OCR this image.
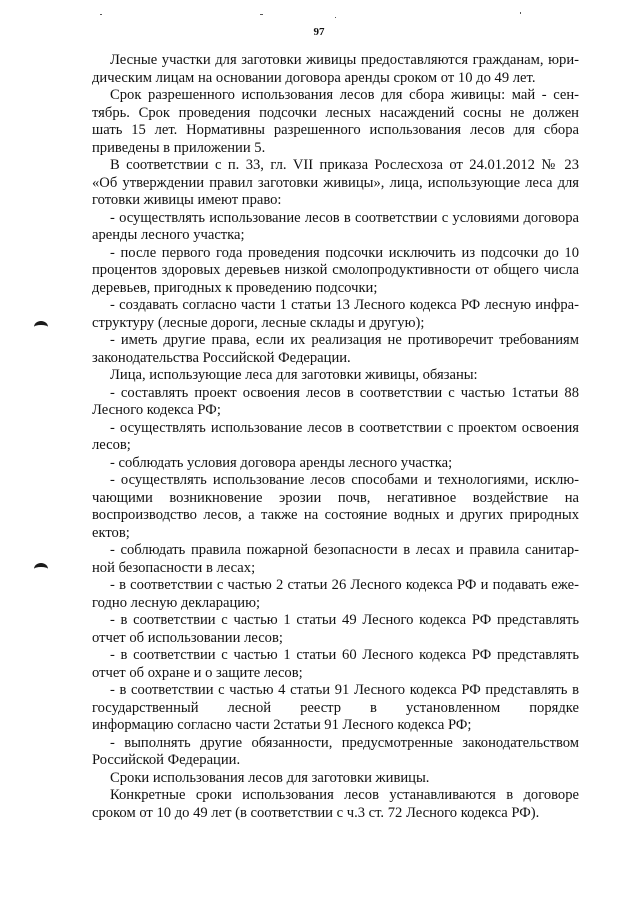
97
Лесные участки для заготовки живицы предоставляются гражданам, юри-
дическим лицам на основании договора аренды сроком от 10 до 49 лет.
Срок разрешенного использования лесов для сбора живицы: май - сен-
тябрь. Срок проведения подсочки лесных насаждений сосны не должен
шать 15 лет. Нормативны разрешенного использования лесов для сбора
приведены в приложении 5.
В соответствии с п. 33, гл. VII приказа Рослесхоза от 24.01.2012 № 23
«Об утверждении правил заготовки живицы», лица, использующие леса для
готовки живицы имеют право:
- осуществлять использование лесов в соответствии с условиями договора
аренды лесного участка;
- после первого года проведения подсочки исключить из подсочки до 10
процентов здоровых деревьев низкой смолопродуктивности от общего числа
деревьев, пригодных к проведению подсочки;
- создавать согласно части 1 статьи 13 Лесного кодекса РФ лесную инфра-
структуру (лесные дороги, лесные склады и другую);
- иметь другие права, если их реализация не противоречит требованиям
законодательства Российской Федерации.
Лица, использующие леса для заготовки живицы, обязаны:
- составлять проект освоения лесов в соответствии с частью 1статьи 88
Лесного кодекса РФ;
- осуществлять использование лесов в соответствии с проектом освоения
лесов;
- соблюдать условия договора аренды лесного участка;
- осуществлять использование лесов способами и технологиями, исклю-
чающими возникновение эрозии почв, негативное воздействие на
воспроизводство лесов, а также на состояние водных и других природных
ектов;
- соблюдать правила пожарной безопасности в лесах и правила санитар-
ной безопасности в лесах;
- в соответствии с частью 2 статьи 26 Лесного кодекса РФ и подавать еже-
годно лесную декларацию;
- в соответствии с частью 1 статьи 49 Лесного кодекса РФ представлять
отчет об использовании лесов;
- в соответствии с частью 1 статьи 60 Лесного кодекса РФ представлять
отчет об охране и о защите лесов;
- в соответствии с частью 4 статьи 91 Лесного кодекса РФ представлять в
государственный лесной реестр в установленном порядке
информацию согласно части 2статьи 91 Лесного кодекса РФ;
- выполнять другие обязанности, предусмотренные законодательством
Российской Федерации.
Сроки использования лесов для заготовки живицы.
Конкретные сроки использования лесов устанавливаются в договоре
сроком от 10 до 49 лет (в соответствии с ч.3 ст. 72 Лесного кодекса РФ).
